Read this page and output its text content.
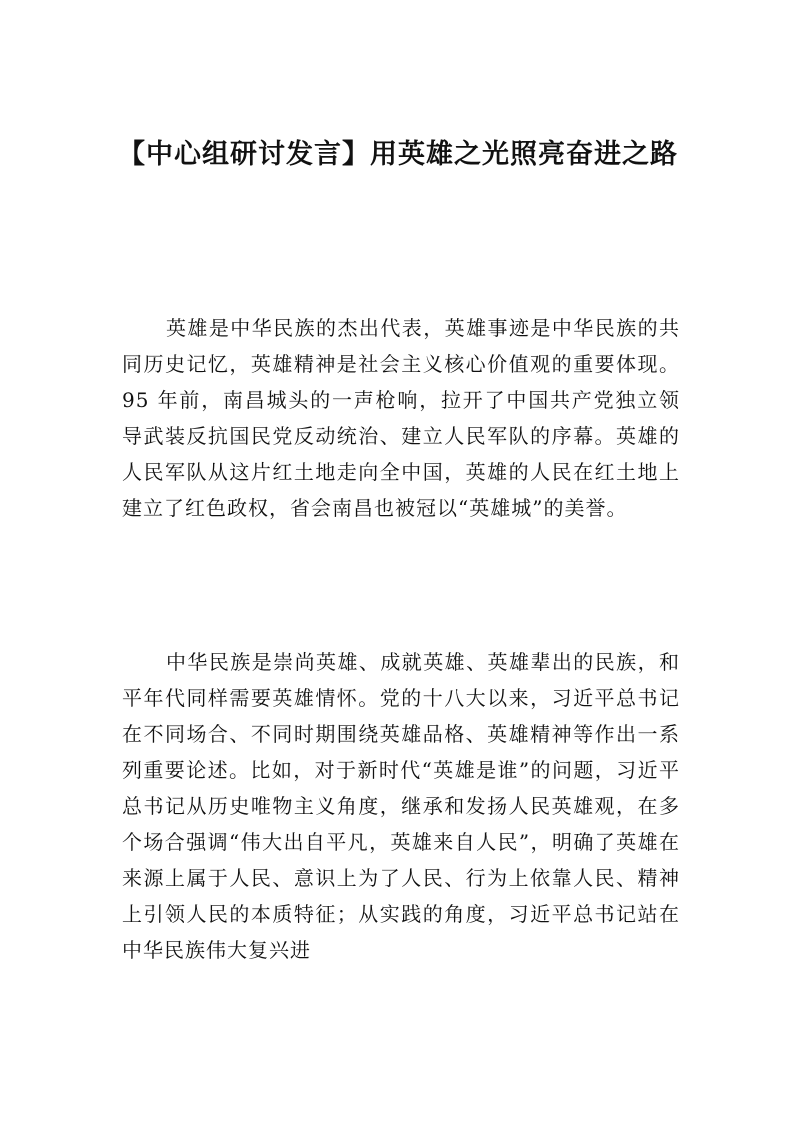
【中心组研讨发言】用英雄之光照亮奋进之路

英雄是中华民族的杰出代表，英雄事迹是中华民族的共同历史记忆，英雄精神是社会主义核心价值观的重要体现。95 年前，南昌城头的一声枪响，拉开了中国共产党独立领导武装反抗国民党反动统治、建立人民军队的序幕。英雄的人民军队从这片红土地走向全中国，英雄的人民在红土地上建立了红色政权，省会南昌也被冠以“英雄城”的美誉。

中华民族是崇尚英雄、成就英雄、英雄辈出的民族，和平年代同样需要英雄情怀。党的十八大以来，习近平总书记在不同场合、不同时期围绕英雄品格、英雄精神等作出一系列重要论述。比如，对于新时代“英雄是谁”的问题，习近平总书记从历史唯物主义角度，继承和发扬人民英雄观，在多个场合强调“伟大出自平凡，英雄来自人民”，明确了英雄在来源上属于人民、意识上为了人民、行为上依靠人民、精神上引领人民的本质特征；从实践的角度，习近平总书记站在中华民族伟大复兴进
